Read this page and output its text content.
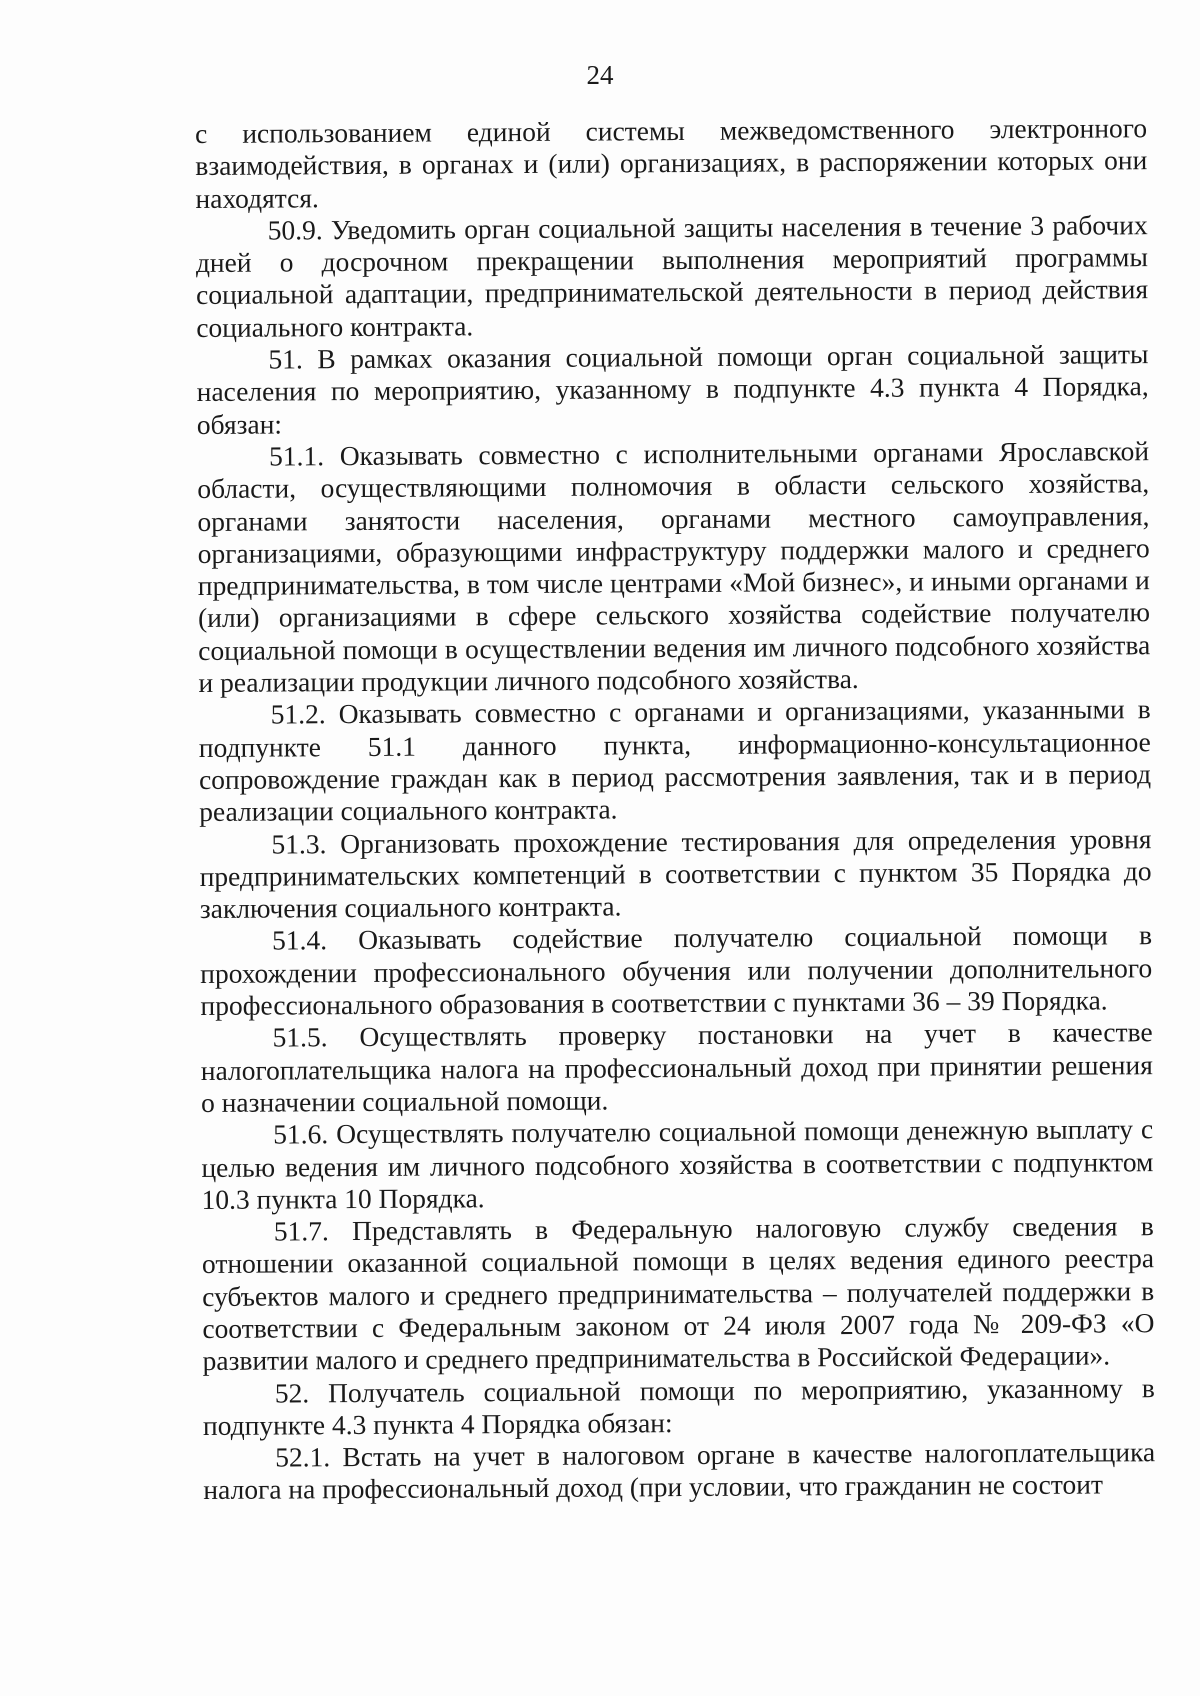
24

с использованием единой системы межведомственного электронного взаимодействия, в органах и (или) организациях, в распоряжении которых они находятся.

50.9. Уведомить орган социальной защиты населения в течение 3 рабочих дней о досрочном прекращении выполнения мероприятий программы социальной адаптации, предпринимательской деятельности в период действия социального контракта.

51. В рамках оказания социальной помощи орган социальной защиты населения по мероприятию, указанному в подпункте 4.3 пункта 4 Порядка, обязан:

51.1. Оказывать совместно с исполнительными органами Ярославской области, осуществляющими полномочия в области сельского хозяйства, органами занятости населения, органами местного самоуправления, организациями, образующими инфраструктуру поддержки малого и среднего предпринимательства, в том числе центрами «Мой бизнес», и иными органами и (или) организациями в сфере сельского хозяйства содействие получателю социальной помощи в осуществлении ведения им личного подсобного хозяйства и реализации продукции личного подсобного хозяйства.

51.2. Оказывать совместно с органами и организациями, указанными в подпункте 51.1 данного пункта, информационно-консультационное сопровождение граждан как в период рассмотрения заявления, так и в период реализации социального контракта.

51.3. Организовать прохождение тестирования для определения уровня предпринимательских компетенций в соответствии с пунктом 35 Порядка до заключения социального контракта.

51.4. Оказывать содействие получателю социальной помощи в прохождении профессионального обучения или получении дополнительного профессионального образования в соответствии с пунктами 36 – 39 Порядка.

51.5. Осуществлять проверку постановки на учет в качестве налогоплательщика налога на профессиональный доход при принятии решения о назначении социальной помощи.

51.6. Осуществлять получателю социальной помощи денежную выплату с целью ведения им личного подсобного хозяйства в соответствии с подпунктом 10.3 пункта 10 Порядка.

51.7. Представлять в Федеральную налоговую службу сведения в отношении оказанной социальной помощи в целях ведения единого реестра субъектов малого и среднего предпринимательства – получателей поддержки в соответствии с Федеральным законом от 24 июля 2007 года № 209-ФЗ «О развитии малого и среднего предпринимательства в Российской Федерации».

52. Получатель социальной помощи по мероприятию, указанному в подпункте 4.3 пункта 4 Порядка обязан:

52.1. Встать на учет в налоговом органе в качестве налогоплательщика налога на профессиональный доход (при условии, что гражданин не состоит
